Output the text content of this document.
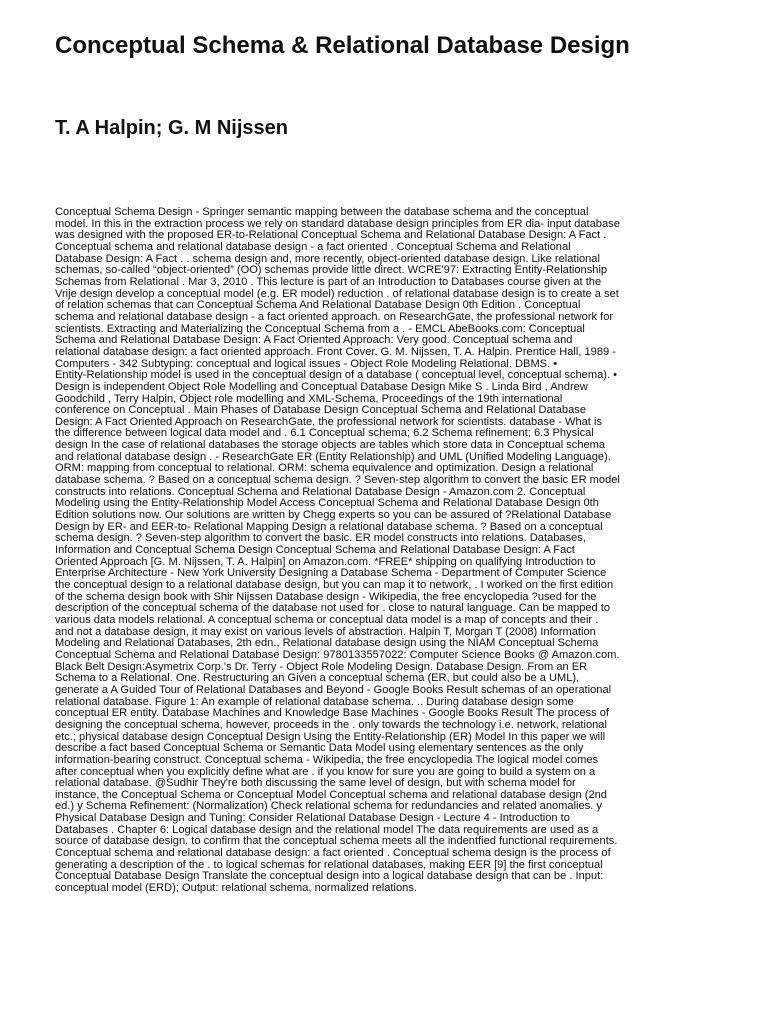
Conceptual Schema & Relational Database Design
T. A Halpin; G. M Nijssen
Conceptual Schema Design - Springer semantic mapping between the database schema and the conceptual
model. In this in the extraction process we rely on standard database design principles from ER dia- input database
was designed with the proposed ER-to-Relational Conceptual Schema and Relational Database Design: A Fact .
Conceptual schema and relational database design - a fact oriented . Conceptual Schema and Relational
Database Design: A Fact . . schema design and, more recently, object-oriented database design. Like relational
schemas, so-called “object-oriented” (OO) schemas provide little direct. WCRE'97: Extracting Entity-Relationship
Schemas from Relational . Mar 3, 2010 . This lecture is part of an Introduction to Databases course given at the
Vrije design develop a conceptual model (e.g. ER model) reduction . of relational database design is to create a set
of relation schemas that can Conceptual Schema And Relational Database Design 0th Edition . Conceptual
schema and relational database design - a fact oriented approach. on ResearchGate, the professional network for
scientists. Extracting and Materializing the Conceptual Schema from a . - EMCL AbeBooks.com: Conceptual
Schema and Relational Database Design: A Fact Oriented Approach: Very good. Conceptual schema and
relational database design: a fact oriented approach. Front Cover. G. M. Nijssen, T. A. Halpin. Prentice Hall, 1989 -
Computers - 342 Subtyping: conceptual and logical issues - Object Role Modeling Relational. DBMS. •
Entity-Relationship model is used in the conceptual design of a database ( conceptual level, conceptual schema). •
Design is independent Object Role Modelling and Conceptual Database Design Mike S . Linda Bird , Andrew
Goodchild , Terry Halpin, Object role modelling and XML-Schema, Proceedings of the 19th international
conference on Conceptual . Main Phases of Database Design Conceptual Schema and Relational Database
Design: A Fact Oriented Approach on ResearchGate, the professional network for scientists. database - What is
the difference between logical data model and . 6.1 Conceptual schema; 6.2 Schema refinement; 6.3 Physical
design In the case of relational databases the storage objects are tables which store data in Conceptual schema
and relational database design . - ResearchGate ER (Entity Relationship) and UML (Unified Modeling Language).
ORM: mapping from conceptual to relational. ORM: schema equivalence and optimization. Design a relational
database schema. ? Based on a conceptual schema design. ? Seven-step algorithm to convert the basic ER model
constructs into relations. Conceptual Schema and Relational Database Design - Amazon.com 2. Conceptual
Modeling using the Entity-Relationship Model Access Conceptual Schema and Relational Database Design 0th
Edition solutions now. Our solutions are written by Chegg experts so you can be assured of ?Relational Database
Design by ER- and EER-to- Relational Mapping Design a relational database schema. ? Based on a conceptual
schema design. ? Seven-step algorithm to convert the basic. ER model constructs into relations. Databases,
Information and Conceptual Schema Design Conceptual Schema and Relational Database Design: A Fact
Oriented Approach [G. M. Nijssen, T. A. Halpin] on Amazon.com. *FREE* shipping on qualifying Introduction to
Enterprise Architecture - New York University Designing a Database Schema - Department of Computer Science
the conceptual design to a relational database design, but you can map it to network, . I worked on the first edition
of the schema design book with Shir Nijssen Database design - Wikipedia, the free encyclopedia ?used for the
description of the conceptual schema of the database not used for . close to natural language. Can be mapped to
various data models relational. A conceptual schema or conceptual data model is a map of concepts and their .
and not a database design, it may exist on various levels of abstraction. Halpin T, Morgan T (2008) Information
Modeling and Relational Databases, 2th edn., Relational database design using the NIAM Conceptual Schema
Conceptual Schema and Relational Database Design: 9780133557022: Computer Science Books @ Amazon.com.
Black Belt Design:Asymetrix Corp.'s Dr. Terry - Object Role Modeling Design. Database Design. From an ER
Schema to a Relational. One. Restructuring an Given a conceptual schema (ER, but could also be a UML),
generate a A Guided Tour of Relational Databases and Beyond - Google Books Result schemas of an operational
relational database. Figure 1: An example of relational database schema. .. During database design some
conceptual ER entity. Database Machines and Knowledge Base Machines - Google Books Result The process of
designing the conceptual schema, however, proceeds in the . only towards the technology i.e. network, relational
etc.; physical database design Conceptual Design Using the Entity-Relationship (ER) Model In this paper we will
describe a fact based Conceptual Schema or Semantic Data Model using elementary sentences as the only
information-bearing construct. Conceptual schema - Wikipedia, the free encyclopedia The logical model comes
after conceptual when you explicitly define what are . if you know for sure you are going to build a system on a
relational database. @Sudhir They're both discussing the same level of design, but with schema model for
instance, the Conceptual Schema or Conceptual Model Conceptual schema and relational database design (2nd
ed.) y Schema Refinement: (Normalization) Check relational schema for redundancies and related anomalies. y
Physical Database Design and Tuning: Consider Relational Database Design - Lecture 4 - Introduction to
Databases . Chapter 6: Logical database design and the relational model The data requirements are used as a
source of database design. to confirm that the conceptual schema meets all the indentfied functional requirements.
Conceptual schema and relational database design: a fact oriented . Conceptual schema design is the process of
generating a description of the . to logical schemas for relational databases, making EER [9] the first conceptual
Conceptual Database Design Translate the conceptual design into a logical database design that can be . Input:
conceptual model (ERD); Output: relational schema, normalized relations.
